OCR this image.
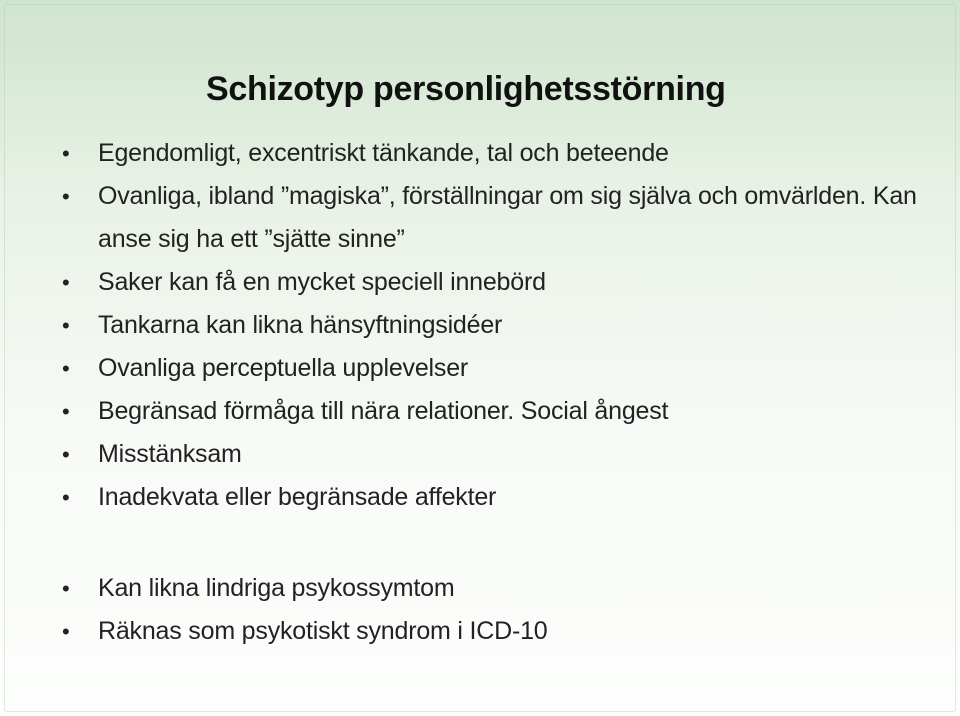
Schizotyp personlighetsstörning
• Egendomligt, excentriskt tänkande, tal och beteende
• Ovanliga, ibland ”magiska”, förställningar om sig själva och omvärlden. Kan anse sig ha ett ”sjätte sinne”
• Saker kan få en mycket speciell innebörd
• Tankarna kan likna hänsyftningsidéer
• Ovanliga perceptuella upplevelser
• Begränsad förmåga till nära relationer. Social ångest
• Misstänksam
• Inadekvata eller begränsade affekter
• Kan likna lindriga psykossymtom
• Räknas som psykotiskt syndrom i ICD-10
